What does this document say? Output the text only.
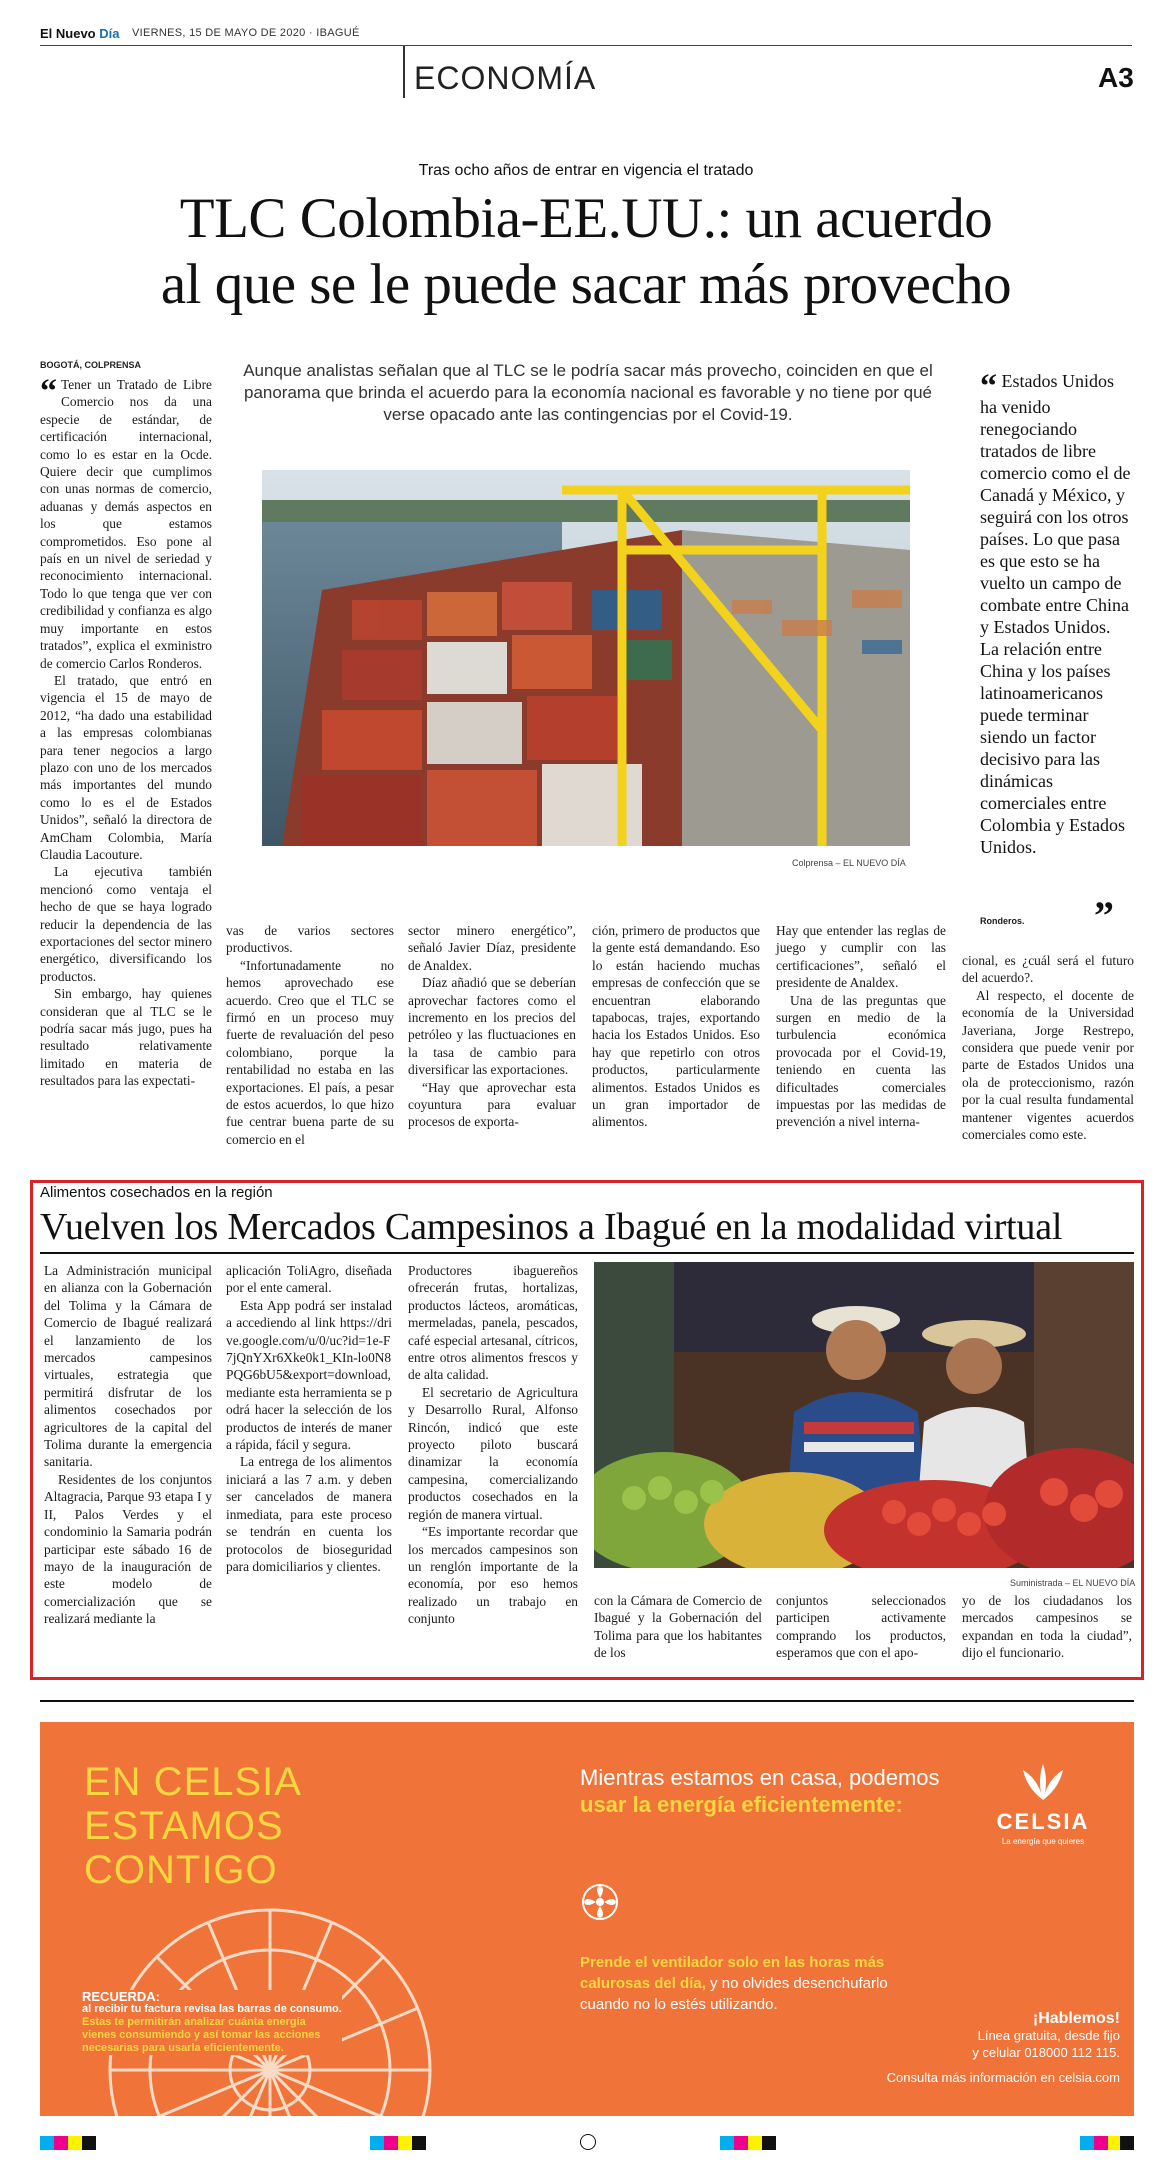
El Nuevo Día VIERNES, 15 DE MAYO DE 2020 · IBAGUÉ
ECONOMÍA	A3
Tras ocho años de entrar en vigencia el tratado
TLC Colombia-EE.UU.: un acuerdo
al que se le puede sacar más provecho
BOGOTÁ, COLPRENSA	Aunque analistas señalan que al TLC se le podría sacar más provecho, coinciden en que el panorama que brinda el acuerdo para la economía nacional es favorable y no tiene por qué verse opacado ante las contingencias por el Covid-19.

“ Tener un Tratado de Libre Comercio nos da una especie de estándar, de certificación internacional, como lo es estar en la Ocde. Quiere decir que cumplimos con unas normas de comercio, aduanas y demás aspectos en los que estamos comprometidos. Eso pone al país en un nivel de seriedad y reconocimiento internacional. Todo lo que tenga que ver con credibilidad y confianza es algo muy importante en estos tratados”, explica el exministro de comercio Carlos Ronderos.

El tratado, que entró en vigencia el 15 de mayo de 2012, “ha dado una estabilidad a las empresas colombianas para tener negocios a largo plazo con uno de los mercados más importantes del mundo como lo es el de Estados Unidos”, señaló la directora de AmCham Colombia, María Claudia Lacouture.

La ejecutiva también mencionó como ventaja el hecho de que se haya logrado reducir la dependencia de las exportaciones del sector minero energético, diversificando los productos.

Sin embargo, hay quienes consideran que al TLC se le podría sacar más jugo, pues ha resultado relativamente limitado en materia de resultados para las expectati-

Colprensa – EL NUEVO DÍA
“ Estados Unidos ha venido renegociando tratados de libre comercio como el de Canadá y México, y seguirá con los otros países. Lo que pasa es que esto se ha vuelto un campo de combate entre China y Estados Unidos. La relación entre China y los países latinoamericanos puede terminar siendo un factor decisivo para las dinámicas comerciales entre Colombia y Estados Unidos.
”
Ronderos.

vas de varios sectores productivos.

“Infortunadamente no hemos aprovechado ese acuerdo. Creo que el TLC se firmó en un proceso muy fuerte de revaluación del peso colombiano, porque la rentabilidad no estaba en las exportaciones. El país, a pesar de estos acuerdos, lo que hizo fue centrar buena parte de su comercio en el

sector minero energético”, señaló Javier Díaz, presidente de Analdex.

Díaz añadió que se deberían aprovechar factores como el incremento en los precios del petróleo y las fluctuaciones en la tasa de cambio para diversificar las exportaciones.

“Hay que aprovechar esta coyuntura para evaluar procesos de exporta-

ción, primero de productos que la gente está demandando. Eso lo están haciendo muchas empresas de confección que se encuentran elaborando tapabocas, trajes, exportando hacia los Estados Unidos. Eso hay que repetirlo con otros productos, particularmente alimentos. Estados Unidos es un gran importador de alimentos.

Hay que entender las reglas de juego y cumplir con las certificaciones”, señaló el presidente de Analdex.

Una de las preguntas que surgen en medio de la turbulencia económica provocada por el Covid-19, teniendo en cuenta las dificultades comerciales impuestas por las medidas de prevención a nivel interna-

cional, es ¿cuál será el futuro del acuerdo?.

Al respecto, el docente de economía de la Universidad Javeriana, Jorge Restrepo, considera que puede venir por parte de Estados Unidos una ola de proteccionismo, razón por la cual resulta fundamental mantener vigentes acuerdos comerciales como este.

Alimentos cosechados en la región
Vuelven los Mercados Campesinos a Ibagué en la modalidad virtual

La Administración municipal en alianza con la Gobernación del Tolima y la Cámara de Comercio de Ibagué realizará el lanzamiento de los mercados campesinos virtuales, estrategia que permitirá disfrutar de los alimentos cosechados por agricultores de la capital del Tolima durante la emergencia sanitaria.

Residentes de los conjuntos Altagracia, Parque 93 etapa I y II, Palos Verdes y el condominio la Samaria podrán participar este sábado 16 de mayo de la inauguración de este modelo de comercialización que se realizará mediante la

aplicación ToliAgro, diseñada por el ente cameral.

Esta App podrá ser instalada accediendo al link https://drive.google.com/u/0/uc?id=1e-F7jQnYXr6Xke0k1_KIn-lo0N8PQG6bU5&export=download, mediante esta herramienta se podrá hacer la selección de los productos de interés de manera rápida, fácil y segura.

La entrega de los alimentos iniciará a las 7 a.m. y deben ser cancelados de manera inmediata, para este proceso se tendrán en cuenta los protocolos de bioseguridad para domiciliarios y clientes.

Productores ibaguereños ofrecerán frutas, hortalizas, productos lácteos, aromáticas, mermeladas, panela, pescados, café especial artesanal, cítricos, entre otros alimentos frescos y de alta calidad.

El secretario de Agricultura y Desarrollo Rural, Alfonso Rincón, indicó que este proyecto piloto buscará dinamizar la economía campesina, comercializando productos cosechados en la región de manera virtual.

“Es importante recordar que los mercados campesinos son un renglón importante de la economía, por eso hemos realizado un trabajo en conjunto

Suministrada – EL NUEVO DÍA

con la Cámara de Comercio de Ibagué y la Gobernación del Tolima para que los habitantes de los

conjuntos seleccionados participen activamente comprando los productos, esperamos que con el apo-

yo de los ciudadanos los mercados campesinos se expandan en toda la ciudad”, dijo el funcionario.

EN CELSIA
ESTAMOS
CONTIGO
Mientras estamos en casa, podemos usar la energía eficientemente:
Prende el ventilador solo en las horas más calurosas del día, y no olvides desenchufarlo cuando no lo estés utilizando.
RECUERDA:
al recibir tu factura revisa las barras de consumo. Estas te permitirán analizar cuánta energía vienes consumiendo y así tomar las acciones necesarias para usarla eficientemente.
CELSIA
La energía que quieres
¡Hablemos!
Línea gratuita, desde fijo
y celular 018000 112 115.
Consulta más información en celsia.com
